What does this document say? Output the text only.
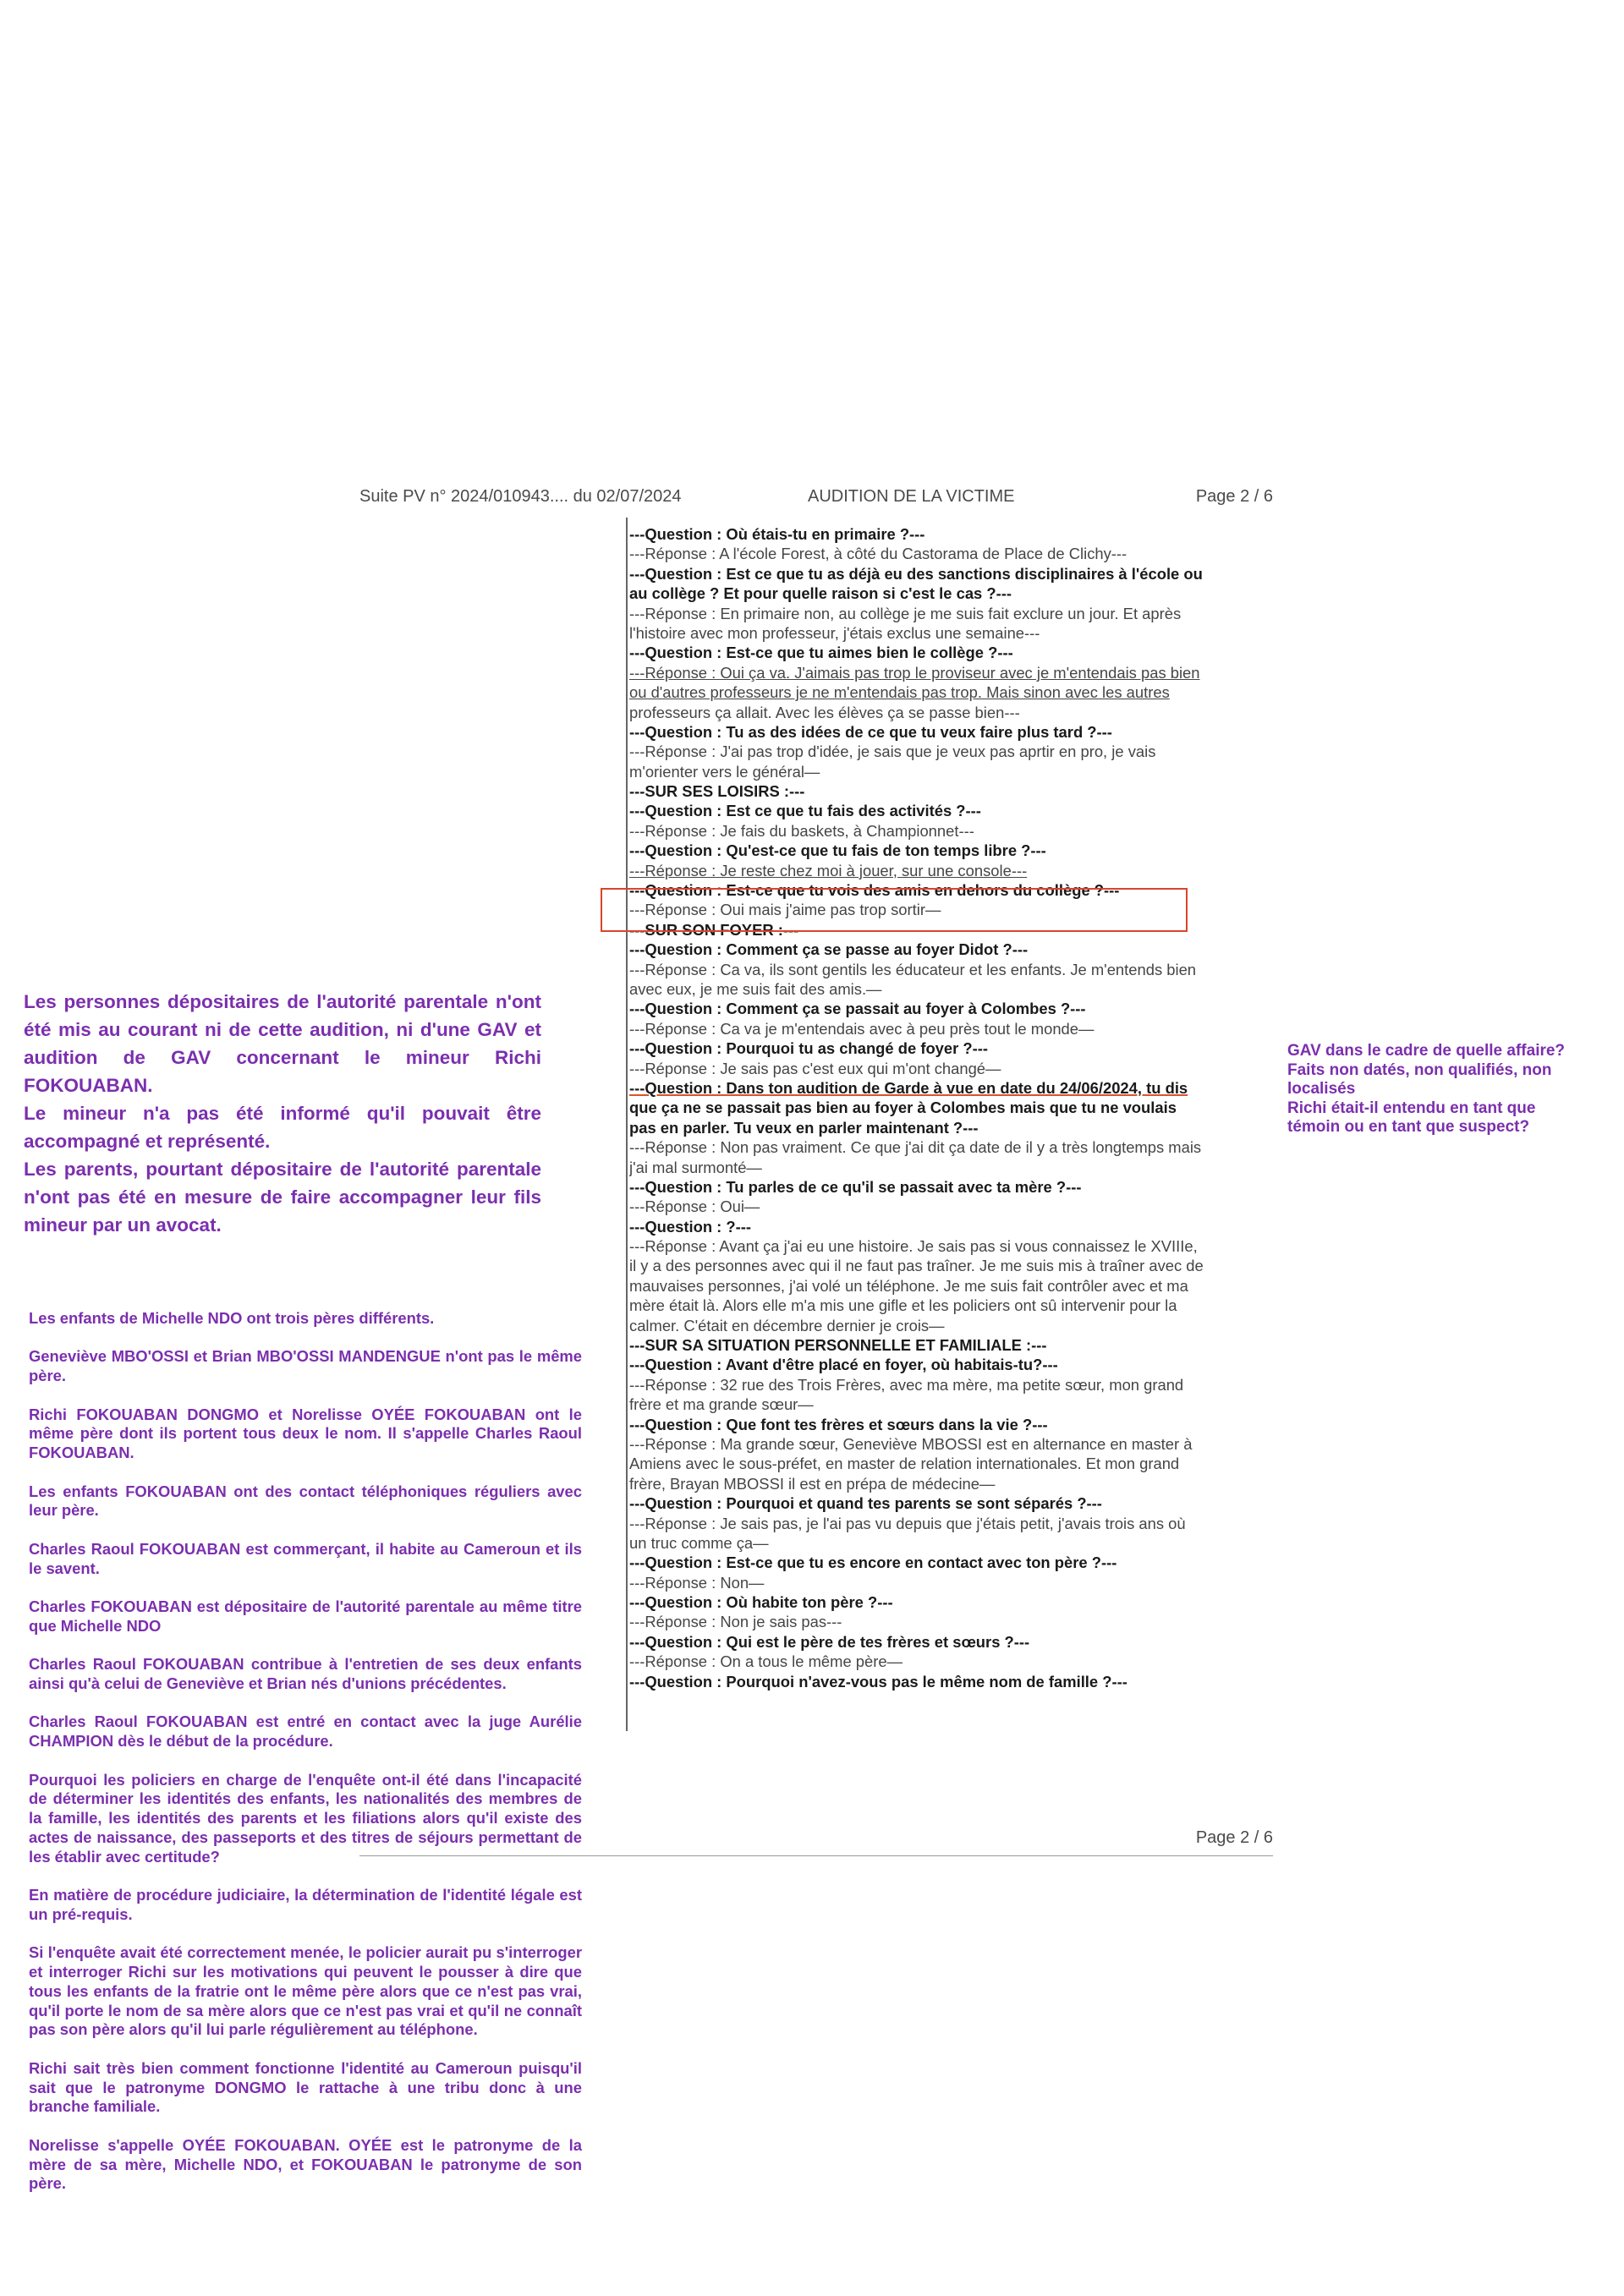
Suite PV n° 2024/010943.... du 02/07/2024	AUDITION DE LA VICTIME	Page 2 / 6
---Question : Où étais-tu en primaire ?---
---Réponse : A l'école Forest, à côté du Castorama de Place de Clichy---
---Question : Est ce que tu as déjà eu des sanctions disciplinaires à l'école ou
au collège ? Et pour quelle raison si c'est le cas ?---
---Réponse : En primaire non, au collège je me suis fait exclure un jour. Et après
l'histoire avec mon professeur, j'étais exclus une semaine---
---Question : Est-ce que tu aimes bien le collège ?---
---Réponse : Oui ça va. J'aimais pas trop le proviseur avec je m'entendais pas bien
ou d'autres professeurs je ne m'entendais pas trop. Mais sinon avec les autres
professeurs ça allait. Avec les élèves ça se passe bien---
---Question : Tu as des idées de ce que tu veux faire plus tard ?---
---Réponse : J'ai pas trop d'idée, je sais que je veux pas aprtir en pro, je vais
m'orienter vers le général—
---SUR SES LOISIRS :---
---Question : Est ce que tu fais des activités ?---
---Réponse : Je fais du baskets, à Championnet---
---Question : Qu'est-ce que tu fais de ton temps libre ?---
---Réponse : Je reste chez moi à jouer, sur une console---
---Question : Est-ce que tu vois des amis en dehors du collège ?---
---Réponse : Oui mais j'aime pas trop sortir—
---SUR SON FOYER :---
---Question : Comment ça se passe au foyer Didot ?---
---Réponse : Ca va, ils sont gentils les éducateur et les enfants. Je m'entends bien
avec eux, je me suis fait des amis.—
---Question : Comment ça se passait au foyer à Colombes ?---
---Réponse : Ca va je m'entendais avec à peu près tout le monde—
---Question : Pourquoi tu as changé de foyer ?---
---Réponse : Je sais pas c'est eux qui m'ont changé—
---Question : Dans ton audition de Garde à vue en date du 24/06/2024, tu dis
que ça ne se passait pas bien au foyer à Colombes mais que tu ne voulais
pas en parler. Tu veux en parler maintenant ?---
---Réponse : Non pas vraiment. Ce que j'ai dit ça date de il y a très longtemps mais
j'ai mal surmonté—
---Question : Tu parles de ce qu'il se passait avec ta mère ?---
---Réponse : Oui—
---Question : ?---
---Réponse : Avant ça j'ai eu une histoire. Je sais pas si vous connaissez le XVIIIe,
il y a des personnes avec qui il ne faut pas traîner. Je me suis mis à traîner avec de
mauvaises personnes, j'ai volé un téléphone. Je me suis fait contrôler avec et ma
mère était là. Alors elle m'a mis une gifle et les policiers ont sû intervenir pour la
calmer. C'était en décembre dernier je crois—
---SUR SA SITUATION PERSONNELLE ET FAMILIALE :---
---Question : Avant d'être placé en foyer, où habitais-tu?---
---Réponse : 32 rue des Trois Frères, avec ma mère, ma petite sœur, mon grand
frère et ma grande sœur—
---Question : Que font tes frères et sœurs dans la vie ?---
---Réponse : Ma grande sœur, Geneviève MBOSSI est en alternance en master à
Amiens avec le sous-préfet, en master de relation internationales. Et mon grand
frère, Brayan MBOSSI il est en prépa de médecine—
---Question : Pourquoi et quand tes parents se sont séparés ?---
---Réponse : Je sais pas, je l'ai pas vu depuis que j'étais petit, j'avais trois ans où
un truc comme ça—
---Question : Est-ce que tu es encore en contact avec ton père ?---
---Réponse : Non—
---Question : Où habite ton père ?---
---Réponse : Non je sais pas---
---Question : Qui est le père de tes frères et sœurs ?---
---Réponse : On a tous le même père—
---Question : Pourquoi n'avez-vous pas le même nom de famille ?---
Page 2 / 6

Les personnes dépositaires de l'autorité parentale n'ont été mis au courant ni de cette audition, ni d'une GAV et audition de GAV concernant le mineur Richi FOKOUABAN.

Le mineur n'a pas été informé qu'il pouvait être accompagné et représenté.

Les parents, pourtant dépositaire de l'autorité parentale n'ont pas été en mesure de faire accompagner leur fils mineur par un avocat.

GAV dans le cadre de quelle affaire?

Faits non datés, non qualifiés, non localisés

Richi était-il entendu en tant que témoin ou en tant que suspect?

Les enfants de Michelle NDO ont trois pères différents.

Geneviève MBO'OSSI et Brian MBO'OSSI MANDENGUE n'ont pas le même père.

Richi FOKOUABAN DONGMO et Norelisse OYÉE FOKOUABAN ont le même père dont ils portent tous deux le nom. Il s'appelle Charles Raoul FOKOUABAN.

Les enfants FOKOUABAN ont des contact téléphoniques réguliers avec leur père.

Charles Raoul FOKOUABAN est commerçant, il habite au Cameroun et ils le savent.

Charles FOKOUABAN est dépositaire de l'autorité parentale au même titre que Michelle NDO

Charles Raoul FOKOUABAN contribue à l'entretien de ses deux enfants ainsi qu'à celui de Geneviève et Brian nés d'unions précédentes.

Charles Raoul FOKOUABAN est entré en contact avec la juge Aurélie CHAMPION dès le début de la procédure.

Pourquoi les policiers en charge de l'enquête ont-il été dans l'incapacité de déterminer les identités des enfants, les nationalités des membres de la famille, les identités des parents et les filiations alors qu'il existe des actes de naissance, des passeports et des titres de séjours permettant de les établir avec certitude?

En matière de procédure judiciaire, la détermination de l'identité légale est un pré-requis.

Si l'enquête avait été correctement menée, le policier aurait pu s'interroger et interroger Richi sur les motivations qui peuvent le pousser à dire que tous les enfants de la fratrie ont le même père alors que ce n'est pas vrai, qu'il porte le nom de sa mère alors que ce n'est pas vrai et qu'il ne connaît pas son père alors qu'il lui parle régulièrement au téléphone.

Richi sait très bien comment fonctionne l'identité au Cameroun puisqu'il sait que le patronyme DONGMO le rattache à une tribu donc à une branche familiale.

Norelisse s'appelle OYÉE FOKOUABAN. OYÉE est le patronyme de la mère de sa mère, Michelle NDO, et FOKOUABAN le patronyme de son père.
